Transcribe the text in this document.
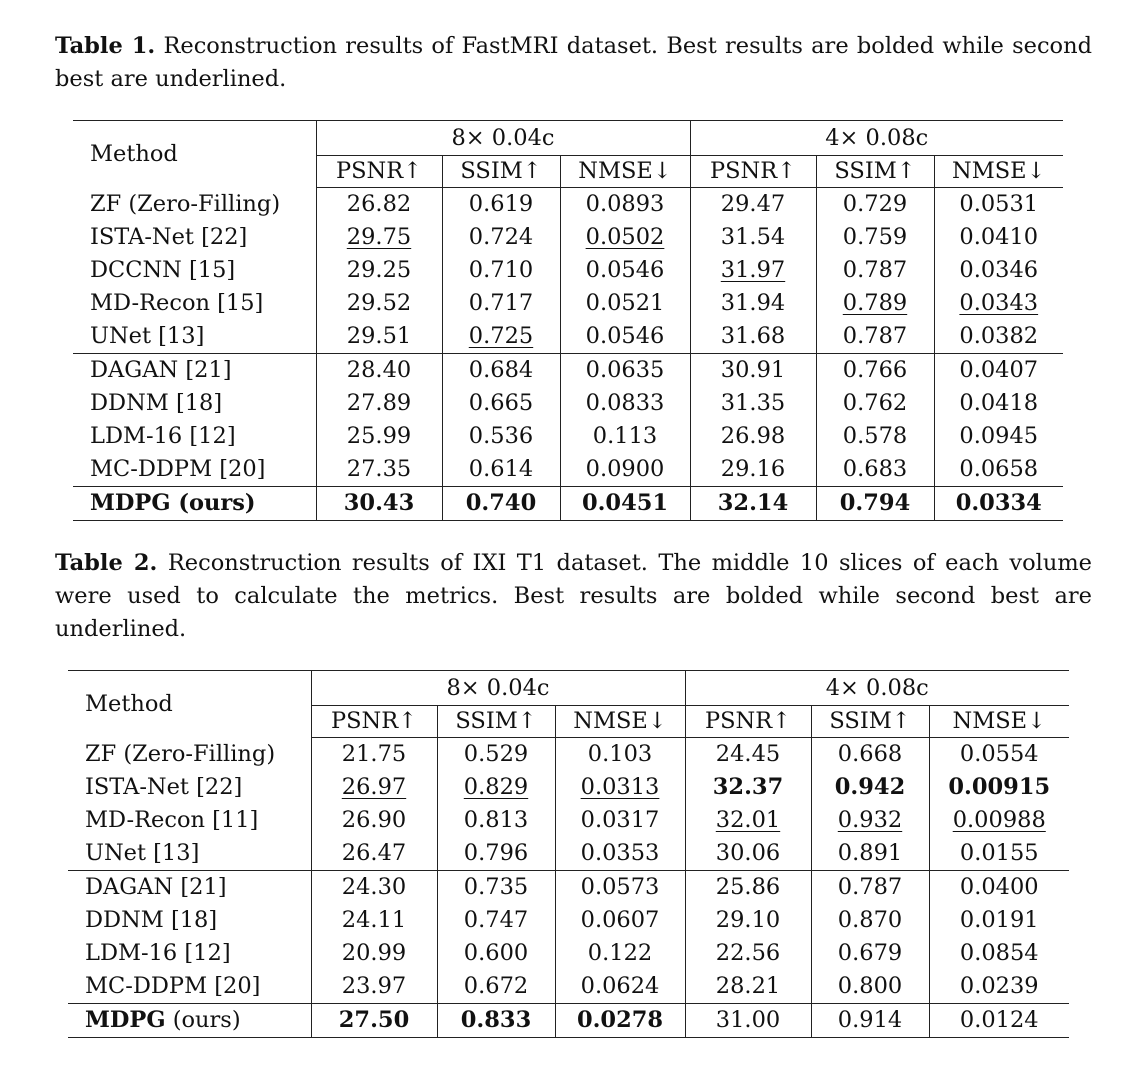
Table 1. Reconstruction results of FastMRI dataset. Best results are bolded while second best are underlined.

Method	8× 0.04c			4× 0.08c		
	PSNR↑	SSIM↑	NMSE↓	PSNR↑	SSIM↑	NMSE↓
ZF (Zero-Filling)	26.82	0.619	0.0893	29.47	0.729	0.0531
ISTA-Net [22]	29.75	0.724	0.0502	31.54	0.759	0.0410
DCCNN [15]	29.25	0.710	0.0546	31.97	0.787	0.0346
MD-Recon [15]	29.52	0.717	0.0521	31.94	0.789	0.0343
UNet [13]	29.51	0.725	0.0546	31.68	0.787	0.0382
DAGAN [21]	28.40	0.684	0.0635	30.91	0.766	0.0407
DDNM [18]	27.89	0.665	0.0833	31.35	0.762	0.0418
LDM-16 [12]	25.99	0.536	0.113	26.98	0.578	0.0945
MC-DDPM [20]	27.35	0.614	0.0900	29.16	0.683	0.0658
MDPG (ours)	30.43	0.740	0.0451	32.14	0.794	0.0334

Table 2. Reconstruction results of IXI T1 dataset. The middle 10 slices of each volume were used to calculate the metrics. Best results are bolded while second best are underlined.

Method	8× 0.04c			4× 0.08c		
	PSNR↑	SSIM↑	NMSE↓	PSNR↑	SSIM↑	NMSE↓
ZF (Zero-Filling)	21.75	0.529	0.103	24.45	0.668	0.0554
ISTA-Net [22]	26.97	0.829	0.0313	32.37	0.942	0.00915
MD-Recon [11]	26.90	0.813	0.0317	32.01	0.932	0.00988
UNet [13]	26.47	0.796	0.0353	30.06	0.891	0.0155
DAGAN [21]	24.30	0.735	0.0573	25.86	0.787	0.0400
DDNM [18]	24.11	0.747	0.0607	29.10	0.870	0.0191
LDM-16 [12]	20.99	0.600	0.122	22.56	0.679	0.0854
MC-DDPM [20]	23.97	0.672	0.0624	28.21	0.800	0.0239
MDPG (ours)	27.50	0.833	0.0278	31.00	0.914	0.0124
